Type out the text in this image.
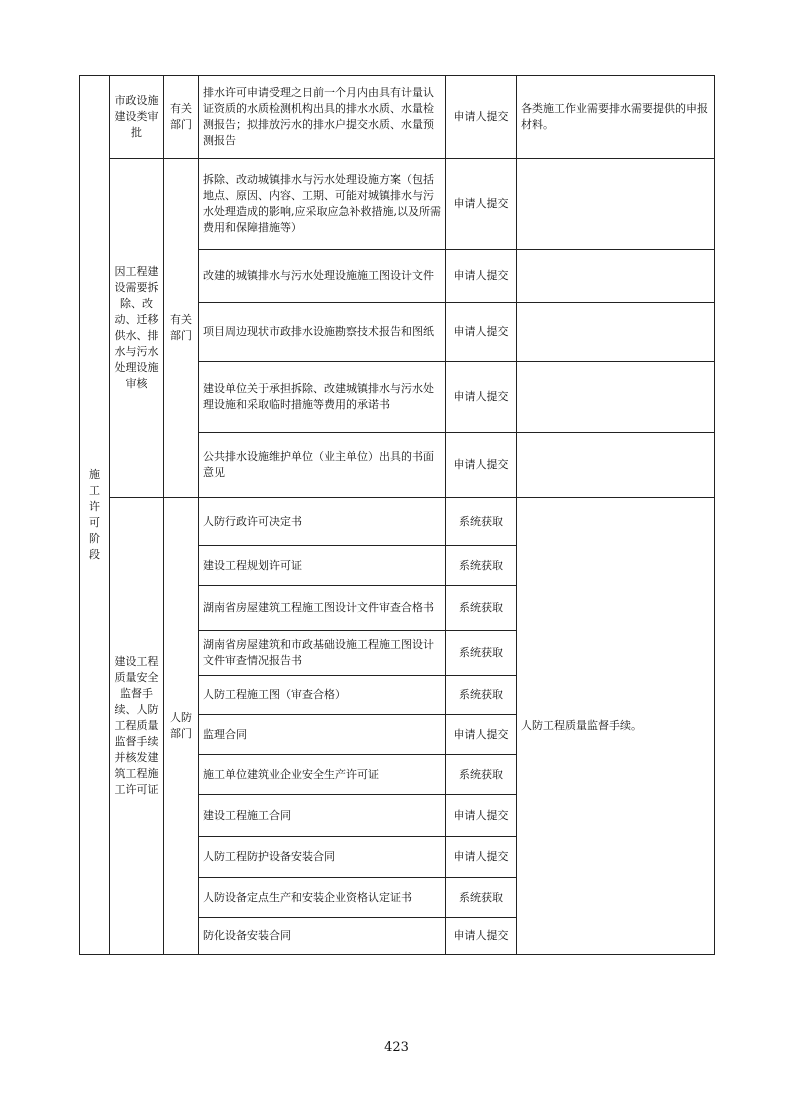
施工许可阶段	市政设施建设类审批	有关部门	排水许可申请受理之日前一个月内由具有计量认证资质的水质检测机构出具的排水水质、水量检测报告；拟排放污水的排水户提交水质、水量预测报告	申请人提交	各类施工作业需要排水需要提供的申报材料。
	因工程建设需要拆除、改动、迁移供水、排水与污水处理设施审核	有关部门	拆除、改动城镇排水与污水处理设施方案（包括地点、原因、内容、工期、可能对城镇排水与污水处理造成的影响,应采取应急补救措施,以及所需费用和保障措施等）	申请人提交	
			改建的城镇排水与污水处理设施施工图设计文件	申请人提交	
			项目周边现状市政排水设施勘察技术报告和图纸	申请人提交	
			建设单位关于承担拆除、改建城镇排水与污水处理设施和采取临时措施等费用的承诺书	申请人提交	
			公共排水设施维护单位（业主单位）出具的书面意见	申请人提交	
	建设工程质量安全监督手续、人防工程质量监督手续并核发建筑工程施工许可证	人防部门	人防行政许可决定书	系统获取	人防工程质量监督手续。
			建设工程规划许可证	系统获取	
			湖南省房屋建筑工程施工图设计文件审查合格书	系统获取	
			湖南省房屋建筑和市政基础设施工程施工图设计文件审查情况报告书	系统获取	
			人防工程施工图（审查合格）	系统获取	
			监理合同	申请人提交	
			施工单位建筑业企业安全生产许可证	系统获取	
			建设工程施工合同	申请人提交	
			人防工程防护设备安装合同	申请人提交	
			人防设备定点生产和安装企业资格认定证书	系统获取	
			防化设备安装合同	申请人提交	
423
